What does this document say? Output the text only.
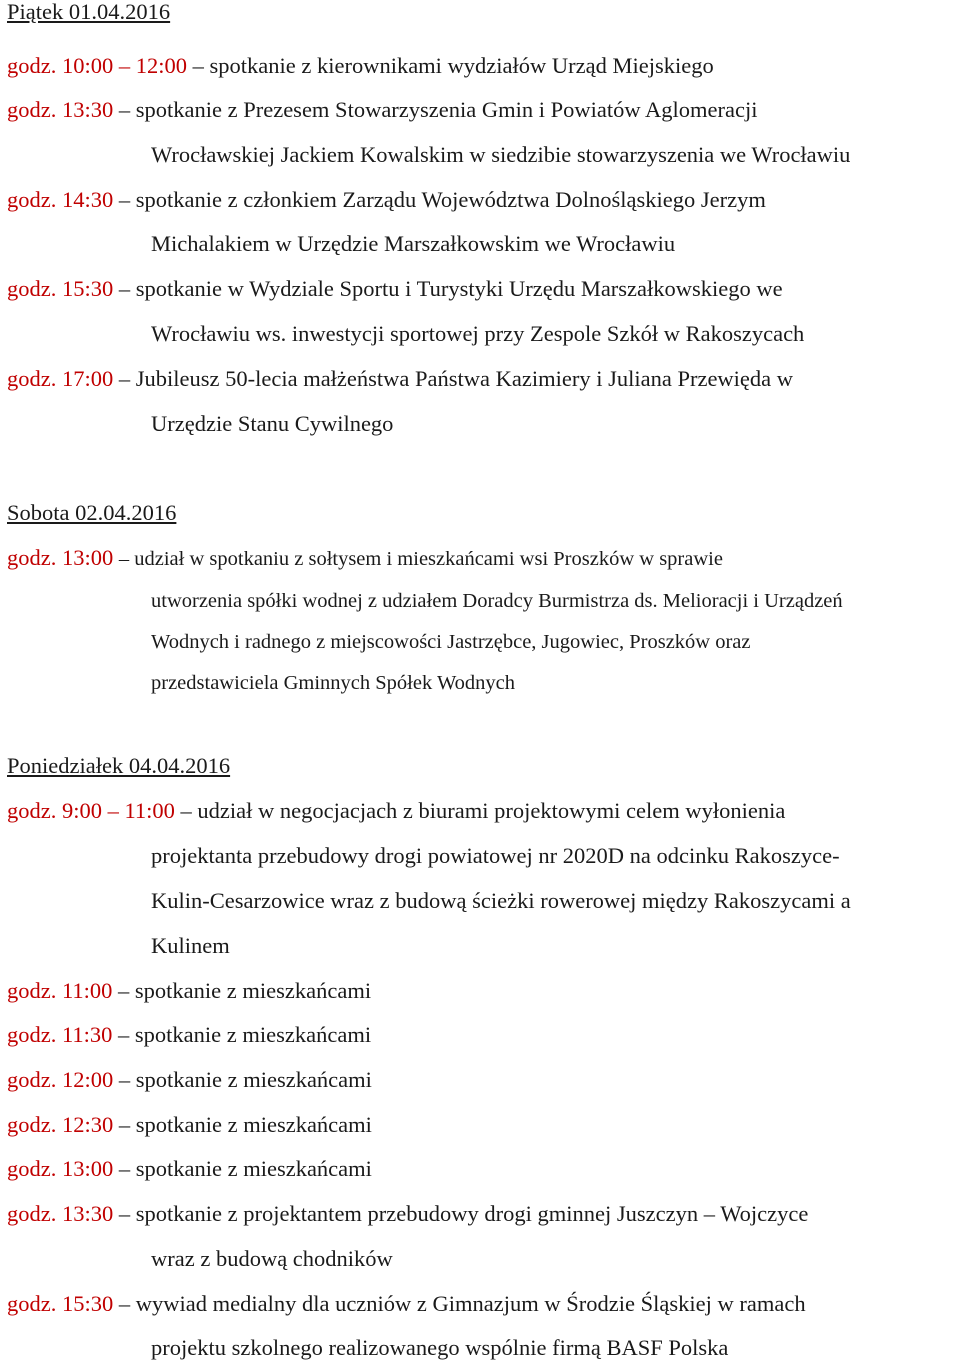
Piątek 01.04.2016
godz. 10:00 – 12:00 – spotkanie z kierownikami wydziałów Urząd Miejskiego
godz. 13:30 – spotkanie z Prezesem Stowarzyszenia Gmin i Powiatów Aglomeracji
Wrocławskiej Jackiem Kowalskim w siedzibie stowarzyszenia we Wrocławiu
godz. 14:30 – spotkanie z członkiem Zarządu Województwa Dolnośląskiego Jerzym
Michalakiem w Urzędzie Marszałkowskim we Wrocławiu
godz. 15:30 – spotkanie w Wydziale Sportu i Turystyki Urzędu Marszałkowskiego we
Wrocławiu ws. inwestycji sportowej przy Zespole Szkół w Rakoszycach
godz. 17:00 – Jubileusz 50-lecia małżeństwa Państwa Kazimiery i Juliana Przewięda w
Urzędzie Stanu Cywilnego
Sobota 02.04.2016
godz. 13:00 – udział w spotkaniu z sołtysem i mieszkańcami wsi Proszków w sprawie
utworzenia spółki wodnej z udziałem Doradcy Burmistrza ds. Melioracji i Urządzeń
Wodnych i radnego z miejscowości Jastrzębce, Jugowiec, Proszków oraz
przedstawiciela Gminnych Spółek Wodnych
Poniedziałek 04.04.2016
godz. 9:00 – 11:00 – udział w negocjacjach z biurami projektowymi celem wyłonienia
projektanta przebudowy drogi powiatowej nr 2020D na odcinku Rakoszyce-
Kulin-Cesarzowice wraz z budową ścieżki rowerowej między Rakoszycami a
Kulinem
godz. 11:00 – spotkanie z mieszkańcami
godz. 11:30 – spotkanie z mieszkańcami
godz. 12:00 – spotkanie z mieszkańcami
godz. 12:30 – spotkanie z mieszkańcami
godz. 13:00 – spotkanie z mieszkańcami
godz. 13:30 – spotkanie z projektantem przebudowy drogi gminnej Juszczyn – Wojczyce
wraz z budową chodników
godz. 15:30 – wywiad medialny dla uczniów z Gimnazjum w Środzie Śląskiej w ramach
projektu szkolnego realizowanego wspólnie firmą BASF Polska
